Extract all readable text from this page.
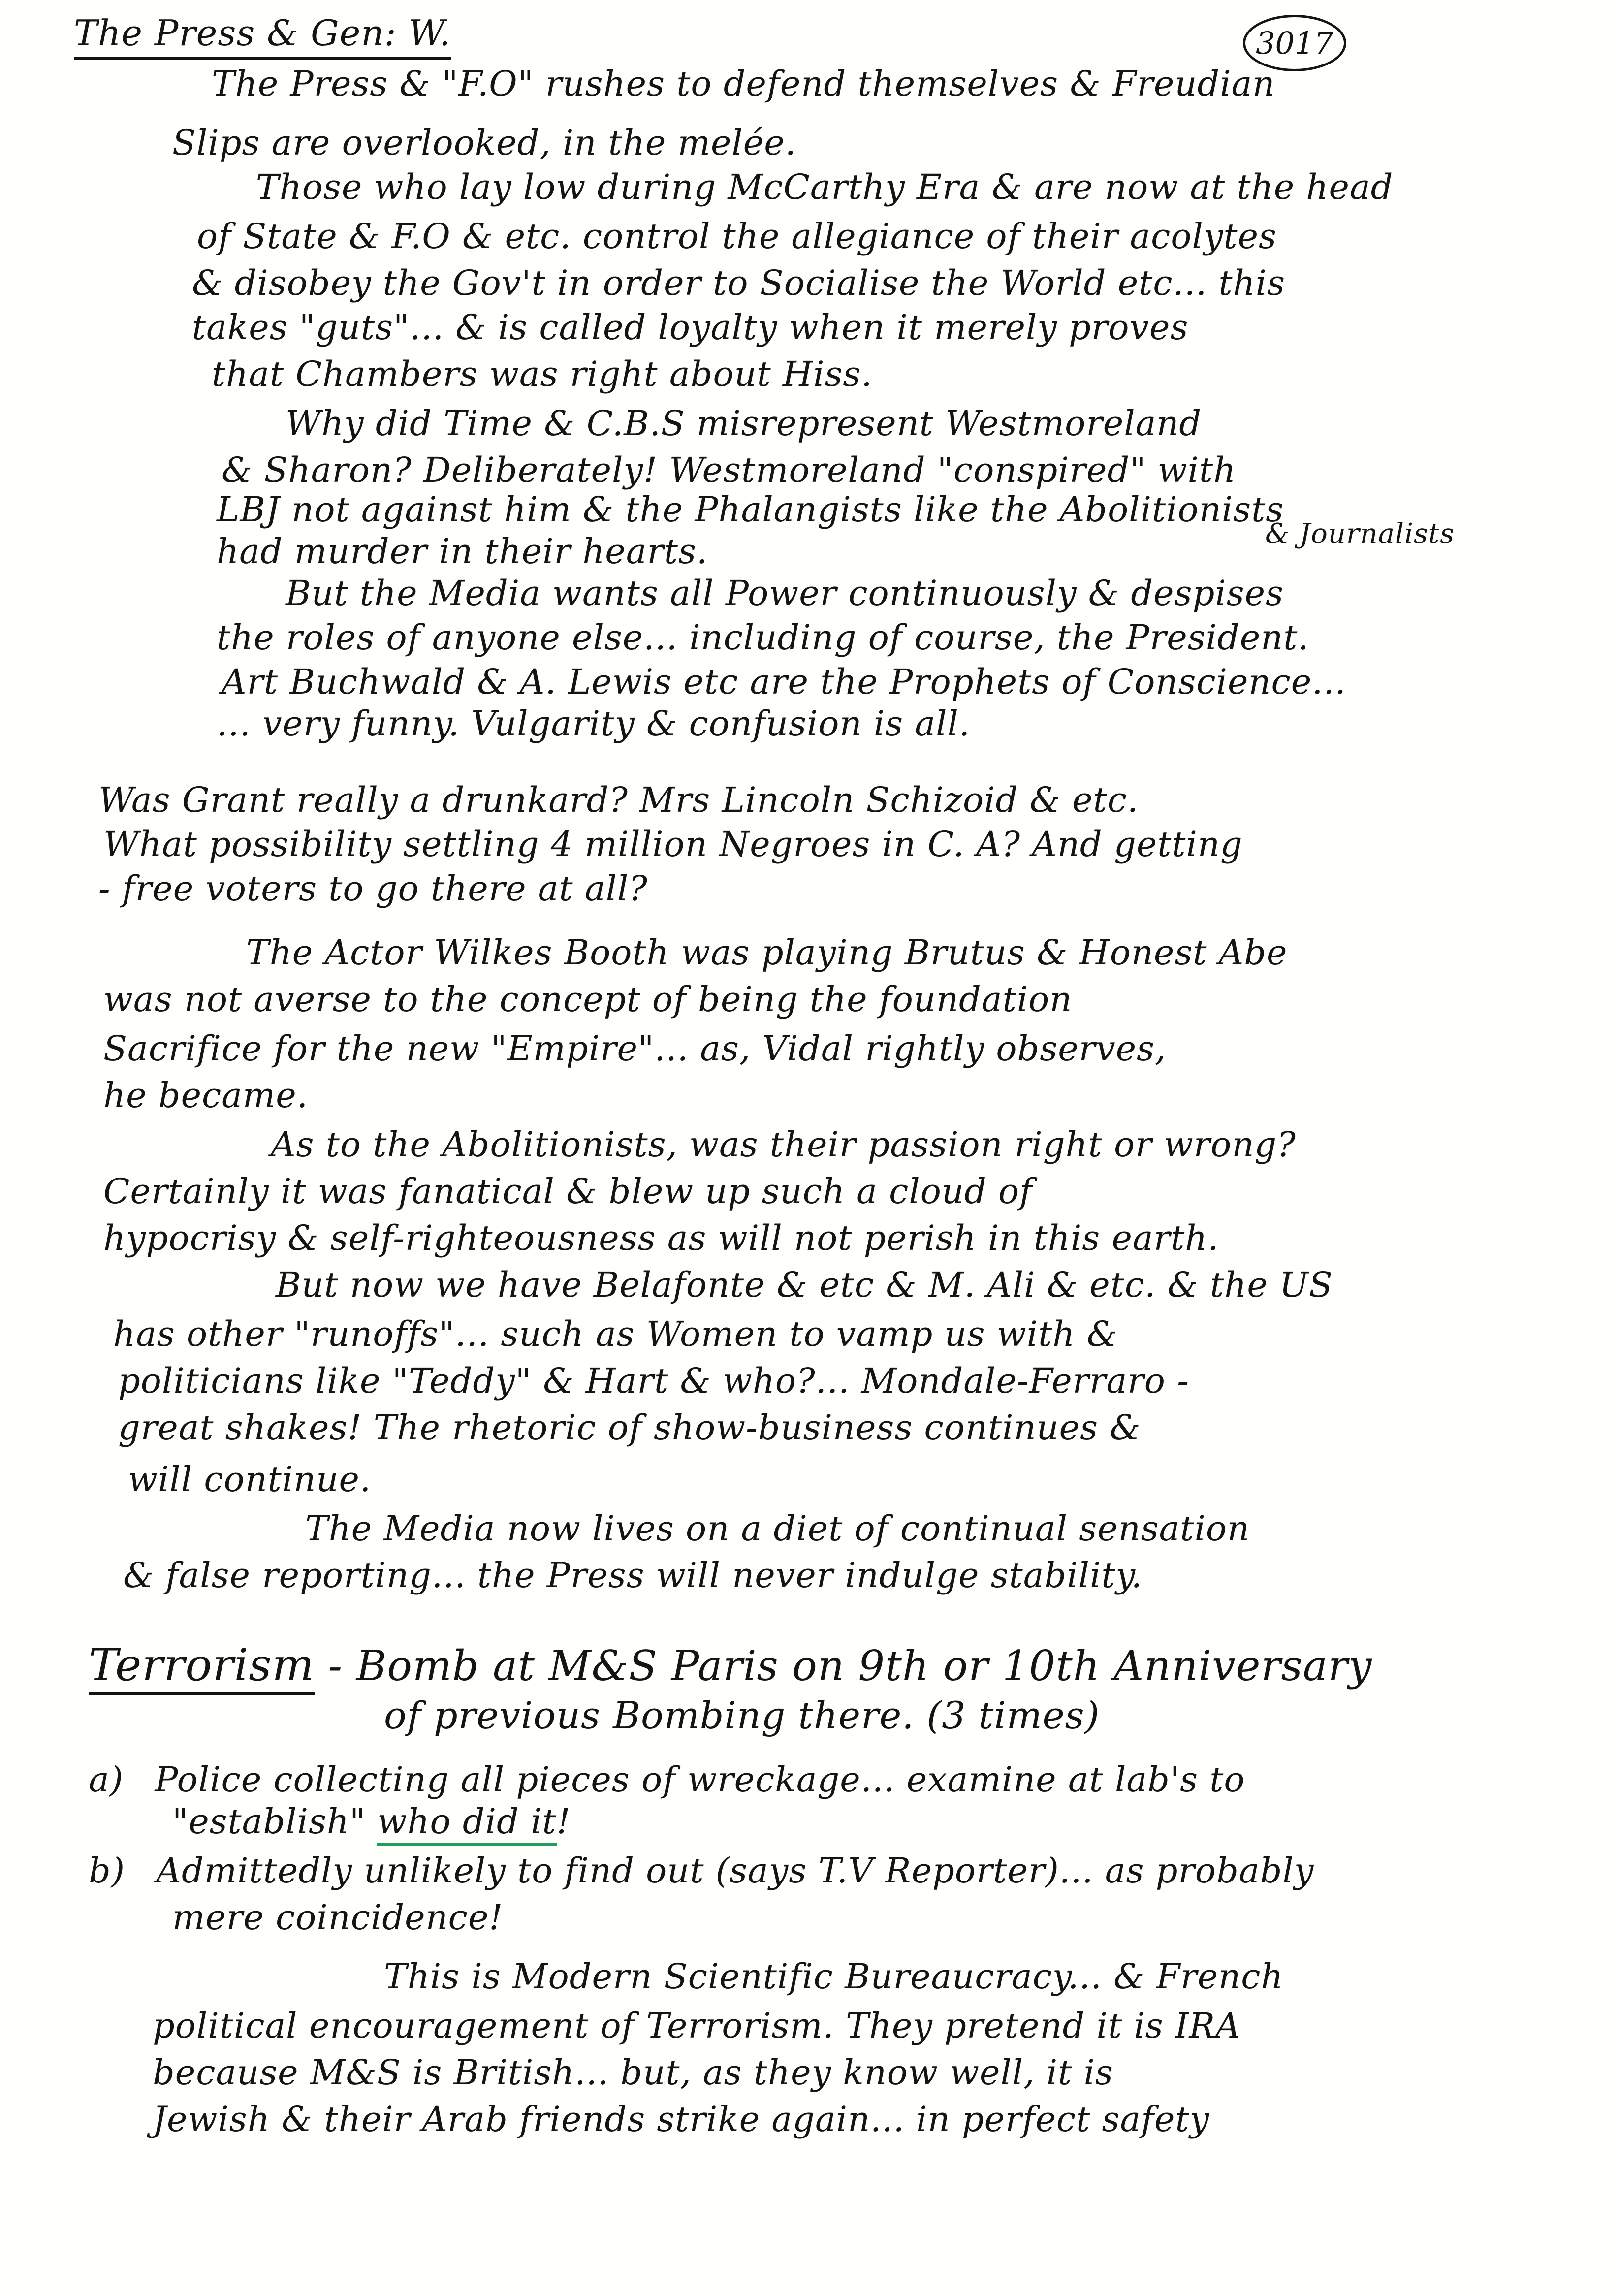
The Press & Gen: W.	3017
The Press & "F.O" rushes to defend themselves & Freudian
Slips are overlooked, in the melée.
Those who lay low during McCarthy Era & are now at the head
of State & F.O & etc. control the allegiance of their acolytes
& disobey the Gov't in order to Socialise the World etc... this
takes "guts"... & is called loyalty when it merely proves
that Chambers was right about Hiss.
Why did Time & C.B.S misrepresent Westmoreland
& Sharon? Deliberately! Westmoreland "conspired" with
LBJ not against him & the Phalangists like the Abolitionists
had murder in their hearts.	& Journalists
But the Media wants all Power continuously & despises
the roles of anyone else... including of course, the President.
Art Buchwald & A. Lewis etc are the Prophets of Conscience...
... very funny. Vulgarity & confusion is all.
Was Grant really a drunkard? Mrs Lincoln Schizoid & etc.
What possibility settling 4 million Negroes in C. A? And getting
- free voters to go there at all?
The Actor Wilkes Booth was playing Brutus & Honest Abe
was not averse to the concept of being the foundation
Sacrifice for the new "Empire"... as, Vidal rightly observes,
he became.
As to the Abolitionists, was their passion right or wrong?
Certainly it was fanatical & blew up such a cloud of
hypocrisy & self-righteousness as will not perish in this earth.
But now we have Belafonte & etc & M. Ali & etc. & the US
has other "runoffs"... such as Women to vamp us with &
politicians like "Teddy" & Hart & who?... Mondale-Ferraro -
great shakes! The rhetoric of show-business continues &
will continue.
The Media now lives on a diet of continual sensation
& false reporting... the Press will never indulge stability.
Terrorism - Bomb at M&S Paris on 9th or 10th Anniversary
of previous Bombing there. (3 times)
a) Police collecting all pieces of wreckage... examine at lab's to
"establish" who did it!
b) Admittedly unlikely to find out (says T.V Reporter)... as probably
mere coincidence!
This is Modern Scientific Bureaucracy... & French
political encouragement of Terrorism. They pretend it is IRA
because M&S is British... but, as they know well, it is
Jewish & their Arab friends strike again... in perfect safety
